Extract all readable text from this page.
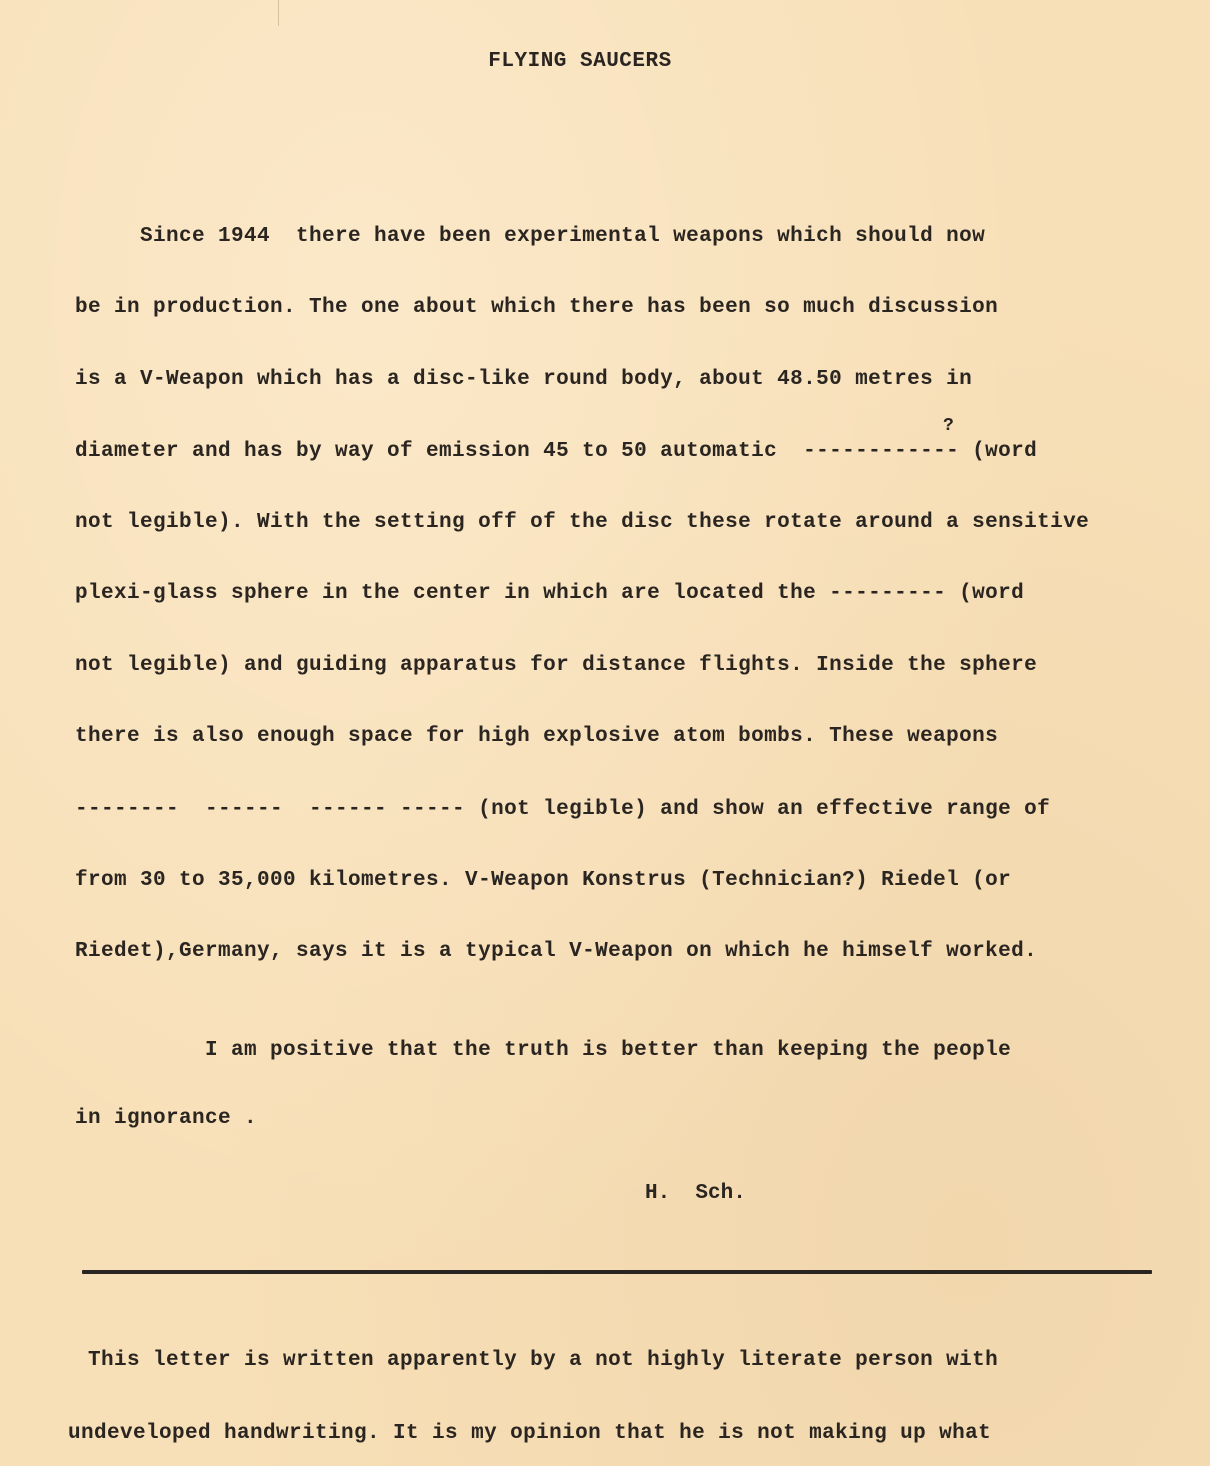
FLYING SAUCERS
Since 1944  there have been experimental weapons which should now
be in production. The one about which there has been so much discussion
is a V-Weapon which has a disc-like round body, about 48.50 metres in
?
diameter and has by way of emission 45 to 50 automatic  ------------ (word
not legible). With the setting off of the disc these rotate around a sensitive
plexi-glass sphere in the center in which are located the --------- (word
not legible) and guiding apparatus for distance flights. Inside the sphere
there is also enough space for high explosive atom bombs. These weapons
--------  ------  ------ ----- (not legible) and show an effective range of
from 30 to 35,000 kilometres. V-Weapon Konstrus (Technician?) Riedel (or
Riedet),Germany, says it is a typical V-Weapon on which he himself worked.
I am positive that the truth is better than keeping the people
in ignorance .
H.  Sch.
This letter is written apparently by a not highly literate person with
undeveloped handwriting. It is my opinion that he is not making up what
